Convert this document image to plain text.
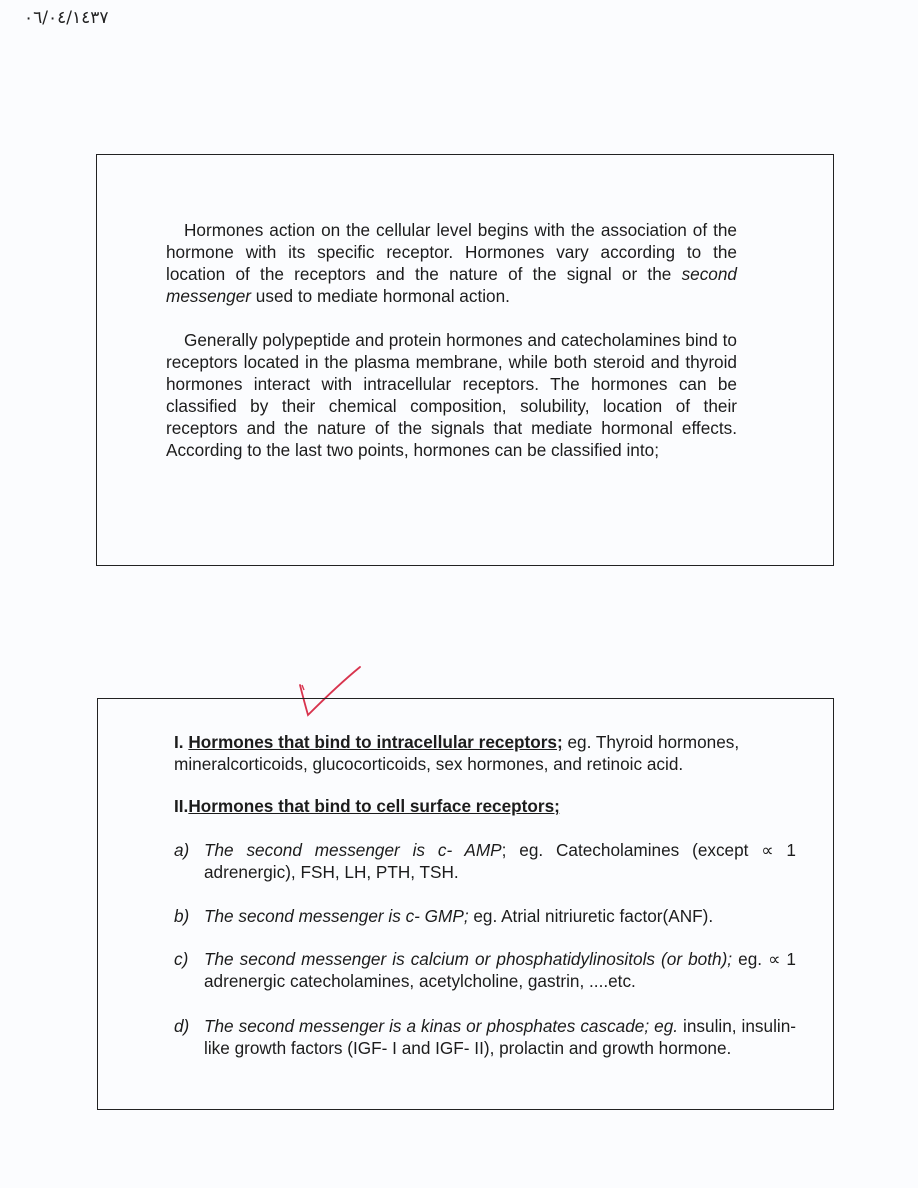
٠٦/٠٤/١٤٣٧

Hormones action on the cellular level begins with the association of the hormone with its specific receptor. Hormones vary according to the location of the receptors and the nature of the signal or the second messenger used to mediate hormonal action.

Generally polypeptide and protein hormones and catecholamines bind to receptors located in the plasma membrane, while both steroid and thyroid hormones interact with intracellular receptors. The hormones can be classified by their chemical composition, solubility, location of their receptors and the nature of the signals that mediate hormonal effects. According to the last two points, hormones can be classified into;

I. Hormones that bind to intracellular receptors; eg. Thyroid hormones, mineralcorticoids, glucocorticoids, sex hormones, and retinoic acid.

II.Hormones that bind to cell surface receptors;

a) The second messenger is c- AMP; eg. Catecholamines (except ∝ 1 adrenergic), FSH, LH, PTH, TSH.
b) The second messenger is c- GMP; eg. Atrial nitriuretic factor(ANF).
c) The second messenger is calcium or phosphatidylinositols (or both); eg. ∝ 1 adrenergic catecholamines, acetylcholine, gastrin, ....etc.
d) The second messenger is a kinas or phosphates cascade; eg. insulin, insulin- like growth factors (IGF- I and IGF- II), prolactin and growth hormone.
